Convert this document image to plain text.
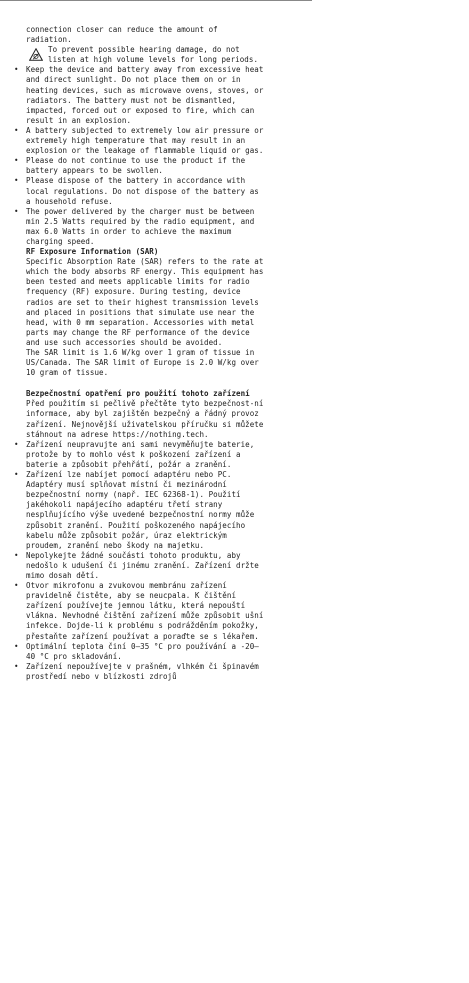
connection closer can reduce the amount of radiation.

To prevent possible hearing damage, do not listen at high volume levels for long periods.

• Keep the device and battery away from excessive heat and direct sunlight. Do not place them on or in heating devices, such as microwave ovens, stoves, or radiators. The battery must not be dismantled, impacted, forced out or exposed to fire, which can result in an explosion.
• A battery subjected to extremely low air pressure or extremely high temperature that may result in an explosion or the leakage of flammable liquid or gas.
• Please do not continue to use the product if the battery appears to be swollen.
• Please dispose of the battery in accordance with local regulations. Do not dispose of the battery as a household refuse.
• The power delivered by the charger must be between min 2.5 Watts required by the radio equipment, and max 6.0 Watts in order to achieve the maximum charging speed.

RF Exposure Information (SAR)

Specific Absorption Rate (SAR) refers to the rate at which the body absorbs RF energy. This equipment has been tested and meets applicable limits for radio frequency (RF) exposure. During testing, device radios are set to their highest transmission levels and placed in positions that simulate use near the head, with 0 mm separation. Accessories with metal parts may change the RF performance of the device and use such accessories should be avoided.

The SAR limit is 1.6 W/kg over 1 gram of tissue in US/Canada. The SAR limit of Europe is 2.0 W/kg over 10 gram of tissue.

Bezpečnostní opatření pro použití tohoto zařízení

Před použitím si pečlivě přečtěte tyto bezpečnost-ní informace, aby byl zajištěn bezpečný a řádný provoz zařízení. Nejnovější uživatelskou příručku si můžete stáhnout na adrese https://nothing.tech.

• Zařízení neupravujte ani sami nevyměňujte baterie, protože by to mohlo vést k poškození zařízení a baterie a způsobit přehřátí, požár a zranění.
• Zařízení lze nabíjet pomocí adaptéru nebo PC. Adaptéry musí splňovat místní či mezinárodní bezpečnostní normy (např. IEC 62368-1). Použití jakéhokoli napájecího adaptéru třetí strany nesplňujícího výše uvedené bezpečnostní normy může způsobit zranění. Použití poškozeného napájecího kabelu může způsobit požár, úraz elektrickým proudem, zranění nebo škody na majetku.
• Nepolykejte žádné součásti tohoto produktu, aby nedošlo k udušení či jinému zranění. Zařízení držte mimo dosah dětí.
• Otvor mikrofonu a zvukovou membránu zařízení pravidelně čistěte, aby se neucpala. K čištění zařízení používejte jemnou látku, která nepouští vlákna. Nevhodné čištění zařízení může způsobit ušní infekce. Dojde-li k problému s podrážděním pokožky, přestaňte zařízení používat a poraďte se s lékařem.
• Optimální teplota činí 0–35 °C pro používání a -20–40 °C pro skladování.
• Zařízení nepoužívejte v prašném, vlhkém či špinavém prostředí nebo v blízkosti zdrojů
